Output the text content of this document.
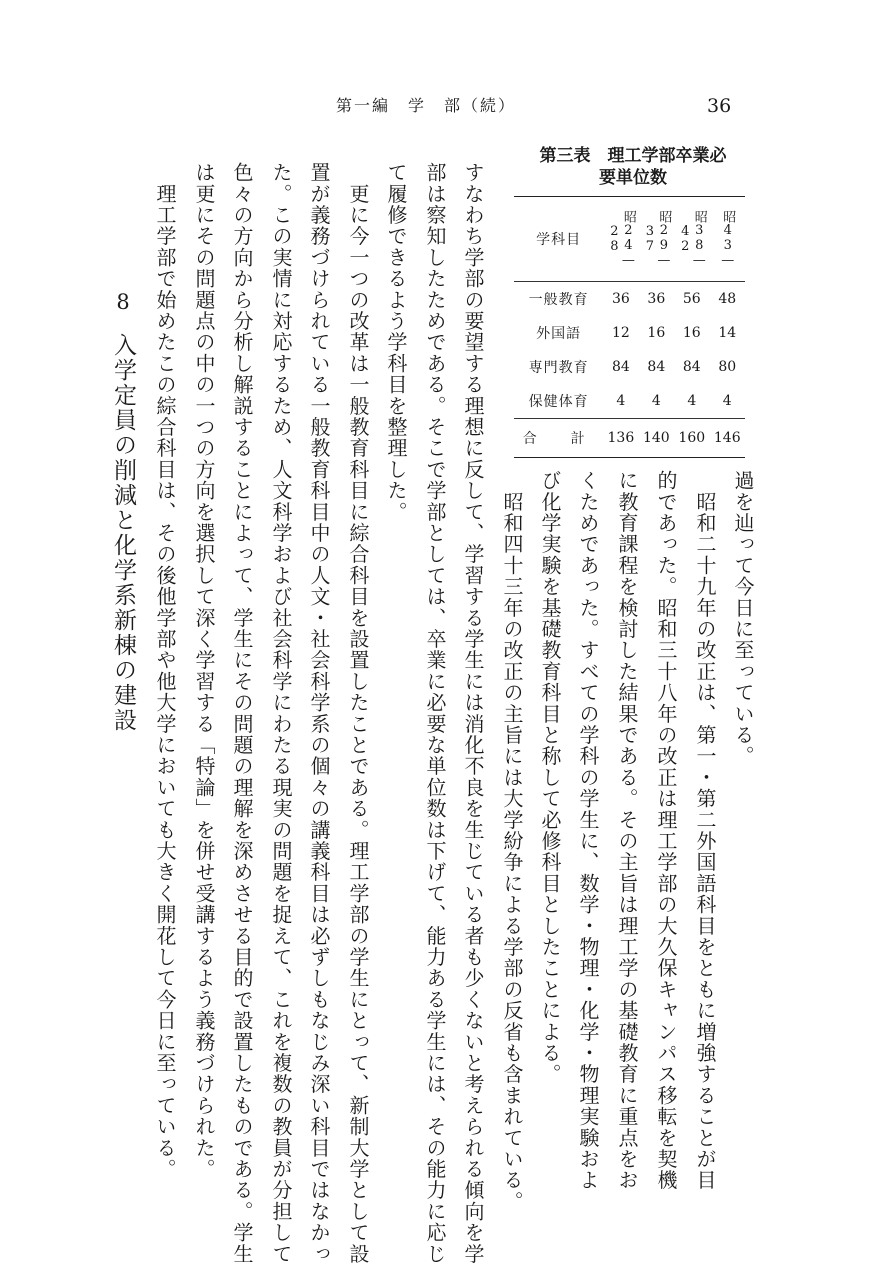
第一編　学　部（続）	36
第三表　理工学部卒業必
要単位数
学科目	昭24—28	昭29—37	昭38—42	昭43—
一般教育	36	36	56	48
外国語	12	16	16	14
専門教育	84	84	84	80
保健体育	4	4	4	4
合　計	136	140	160	146
過を辿って今日に至っている。
　昭和二十九年の改正は、第一・第二外国語科目をともに増強することが目
的であった。昭和三十八年の改正は理工学部の大久保キャンパス移転を契機
に教育課程を検討した結果である。その主旨は理工学の基礎教育に重点をお
くためであった。すべての学科の学生に、数学・物理・化学・物理実験およ
び化学実験を基礎教育科目と称して必修科目としたことによる。
　昭和四十三年の改正の主旨には大学紛争による学部の反省も含まれている。
すなわち学部の要望する理想に反して、学習する学生には消化不良を生じている者も少くないと考えられる傾向を学
部は察知したためである。そこで学部としては、卒業に必要な単位数は下げて、能力ある学生には、その能力に応じ
て履修できるよう学科目を整理した。
　更に今一つの改革は一般教育科目に綜合科目を設置したことである。理工学部の学生にとって、新制大学として設
置が義務づけられている一般教育科目中の人文・社会科学系の個々の講義科目は必ずしもなじみ深い科目ではなかっ
た。この実情に対応するため、人文科学および社会科学にわたる現実の問題を捉えて、これを複数の教員が分担して
色々の方向から分析し解説することによって、学生にその問題の理解を深めさせる目的で設置したものである。学生
は更にその問題点の中の一つの方向を選択して深く学習する「特論」を併せ受講するよう義務づけられた。
　理工学部で始めたこの綜合科目は、その後他学部や他大学においても大きく開花して今日に至っている。
8
入学定員の削減と化学系新棟の建設
